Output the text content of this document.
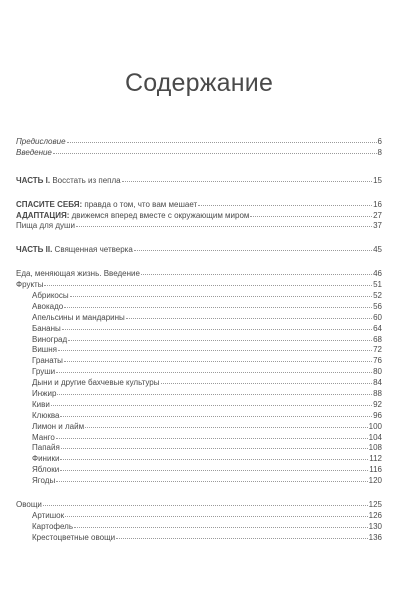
Содержание
Предисловие	6
Введение	8
ЧАСТЬ I. Восстать из пепла	15
СПАСИТЕ СЕБЯ: правда о том, что вам мешает	16
АДАПТАЦИЯ: движемся вперед вместе с окружающим миром	27
Пища для души	37
ЧАСТЬ II. Священная четверка	45
Еда, меняющая жизнь. Введение	46
Фрукты	51
Абрикосы	52
Авокадо	56
Апельсины и мандарины	60
Бананы	64
Виноград	68
Вишня	72
Гранаты	76
Груши	80
Дыни и другие бахчевые культуры	84
Инжир	88
Киви	92
Клюква	96
Лимон и лайм	100
Манго	104
Папайя	108
Финики	112
Яблоки	116
Ягоды	120
Овощи	125
Артишок	126
Картофель	130
Крестоцветные овощи	136
